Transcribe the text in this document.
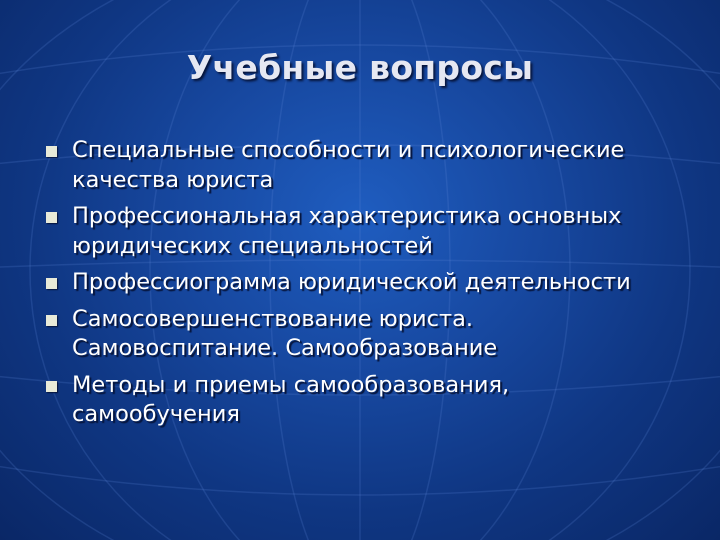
Учебные вопросы
Специальные способности и психологические качества юриста
Профессиональная характеристика основных юридических специальностей
Профессиограмма юридической деятельности
Самосовершенствование юриста. Самовоспитание. Самообразование
Методы и приемы самообразования, самообучения
